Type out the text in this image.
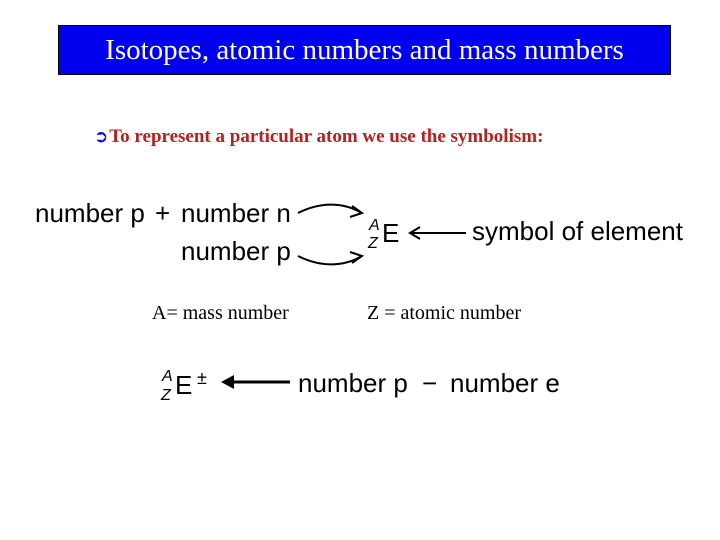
Isotopes, atomic numbers and mass numbers
➲ To represent a particular atom we use the symbolism:
number p + number n
number p
A
Z E	symbol of element
A
Z E ±	number p − number e
A= mass number	Z = atomic number
